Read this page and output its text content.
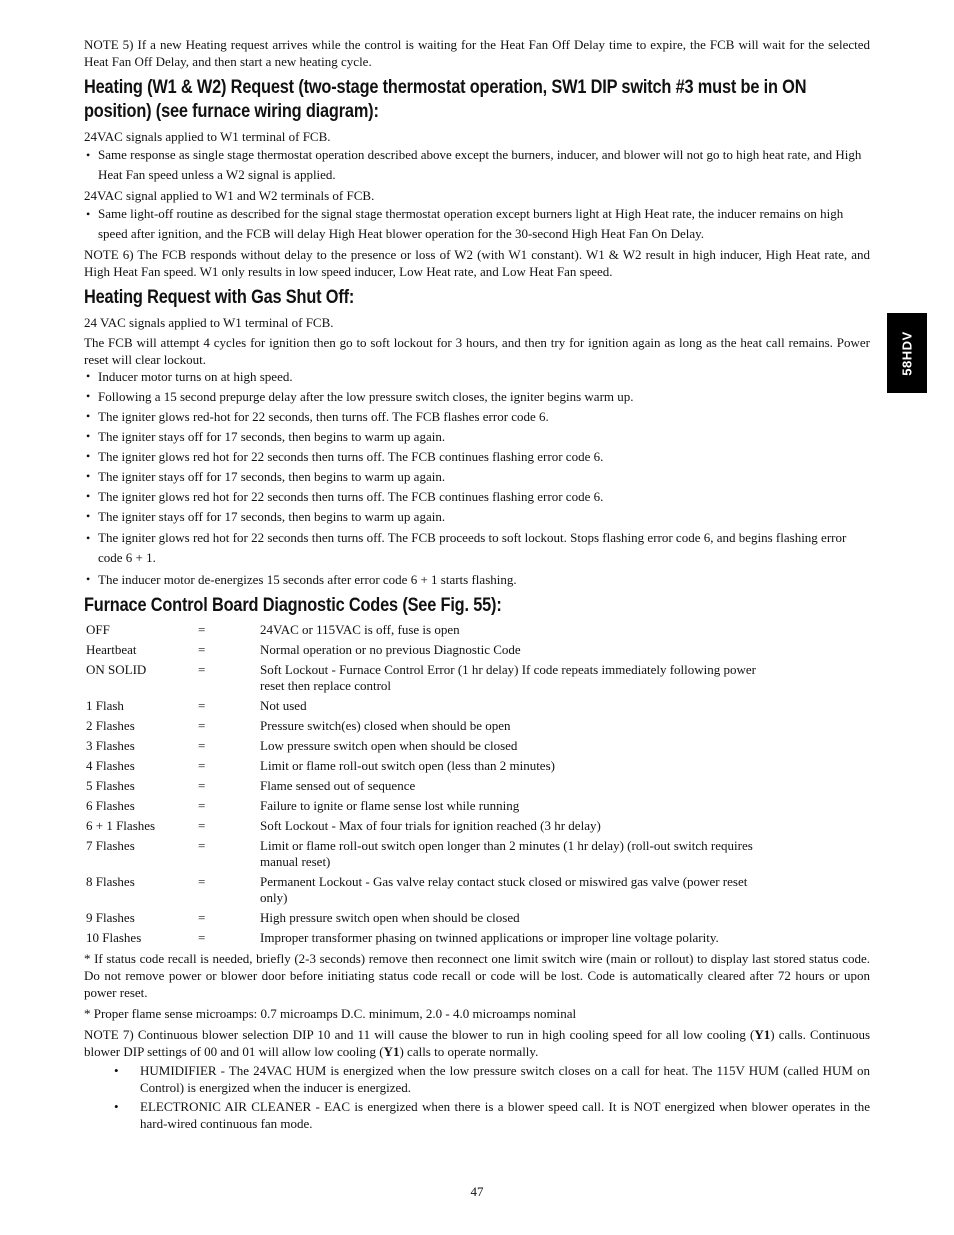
NOTE 5) If a new Heating request arrives while the control is waiting for the Heat Fan Off Delay time to expire, the FCB will wait for the selected Heat Fan Off Delay, and then start a new heating cycle.

Heating (W1 & W2) Request (two‑stage thermostat operation, SW1 DIP switch #3 must be in ON position) (see furnace wiring diagram):

24VAC signals applied to W1 terminal of FCB.

• Same response as single stage thermostat operation described above except the burners, inducer, and blower will not go to high heat rate, and High Heat Fan speed unless a W2 signal is applied.

24VAC signal applied to W1 and W2 terminals of FCB.

• Same light‑off routine as described for the signal stage thermostat operation except burners light at High Heat rate, the inducer remains on high speed after ignition, and the FCB will delay High Heat blower operation for the 30‑second High Heat Fan On Delay.

NOTE 6) The FCB responds without delay to the presence or loss of W2 (with W1 constant). W1 & W2 result in high inducer, High Heat rate, and High Heat Fan speed. W1 only results in low speed inducer, Low Heat rate, and Low Heat Fan speed.

Heating Request with Gas Shut Off:

24 VAC signals applied to W1 terminal of FCB.

The FCB will attempt 4 cycles for ignition then go to soft lockout for 3 hours, and then try for ignition again as long as the heat call remains. Power reset will clear lockout.

• Inducer motor turns on at high speed.
• Following a 15 second prepurge delay after the low pressure switch closes, the igniter begins warm up.
• The igniter glows red‑hot for 22 seconds, then turns off. The FCB flashes error code 6.
• The igniter stays off for 17 seconds, then begins to warm up again.
• The igniter glows red hot for 22 seconds then turns off. The FCB continues flashing error code 6.
• The igniter stays off for 17 seconds, then begins to warm up again.
• The igniter glows red hot for 22 seconds then turns off. The FCB continues flashing error code 6.
• The igniter stays off for 17 seconds, then begins to warm up again.
• The igniter glows red hot for 22 seconds then turns off. The FCB proceeds to soft lockout. Stops flashing error code 6, and begins flashing error code 6 + 1.
• The inducer motor de‑energizes 15 seconds after error code 6 + 1 starts flashing.
Furnace Control Board Diagnostic Codes (See Fig. 55):
OFF	=	24VAC or 115VAC is off, fuse is open
Heartbeat	=	Normal operation or no previous Diagnostic Code
ON SOLID	=	Soft Lockout - Furnace Control Error (1 hr delay) If code repeats immediately following power reset then replace control
1 Flash	=	Not used
2 Flashes	=	Pressure switch(es) closed when should be open
3 Flashes	=	Low pressure switch open when should be closed
4 Flashes	=	Limit or flame roll-out switch open (less than 2 minutes)
5 Flashes	=	Flame sensed out of sequence
6 Flashes	=	Failure to ignite or flame sense lost while running
6 + 1 Flashes	=	Soft Lockout - Max of four trials for ignition reached (3 hr delay)
7 Flashes	=	Limit or flame roll-out switch open longer than 2 minutes (1 hr delay) (roll-out switch requires manual reset)
8 Flashes	=	Permanent Lockout - Gas valve relay contact stuck closed or miswired gas valve (power reset only)
9 Flashes	=	High pressure switch open when should be closed
10 Flashes	=	Improper transformer phasing on twinned applications or improper line voltage polarity.

* If status code recall is needed, briefly (2‑3 seconds) remove then reconnect one limit switch wire (main or rollout) to display last stored status code. Do not remove power or blower door before initiating status code recall or code will be lost. Code is automatically cleared after 72 hours or upon power reset.

* Proper flame sense microamps: 0.7 microamps D.C. minimum, 2.0 ‑ 4.0 microamps nominal

NOTE 7) Continuous blower selection DIP 10 and 11 will cause the blower to run in high cooling speed for all low cooling (Y1) calls. Continuous blower DIP settings of 00 and 01 will allow low cooling (Y1) calls to operate normally.

• HUMIDIFIER ‑ The 24VAC HUM is energized when the low pressure switch closes on a call for heat. The 115V HUM (called HUM on Control) is energized when the inducer is energized.
• ELECTRONIC AIR CLEANER ‑ EAC is energized when there is a blower speed call. It is NOT energized when blower operates in the hard‑wired continuous fan mode.
58HDV
47
